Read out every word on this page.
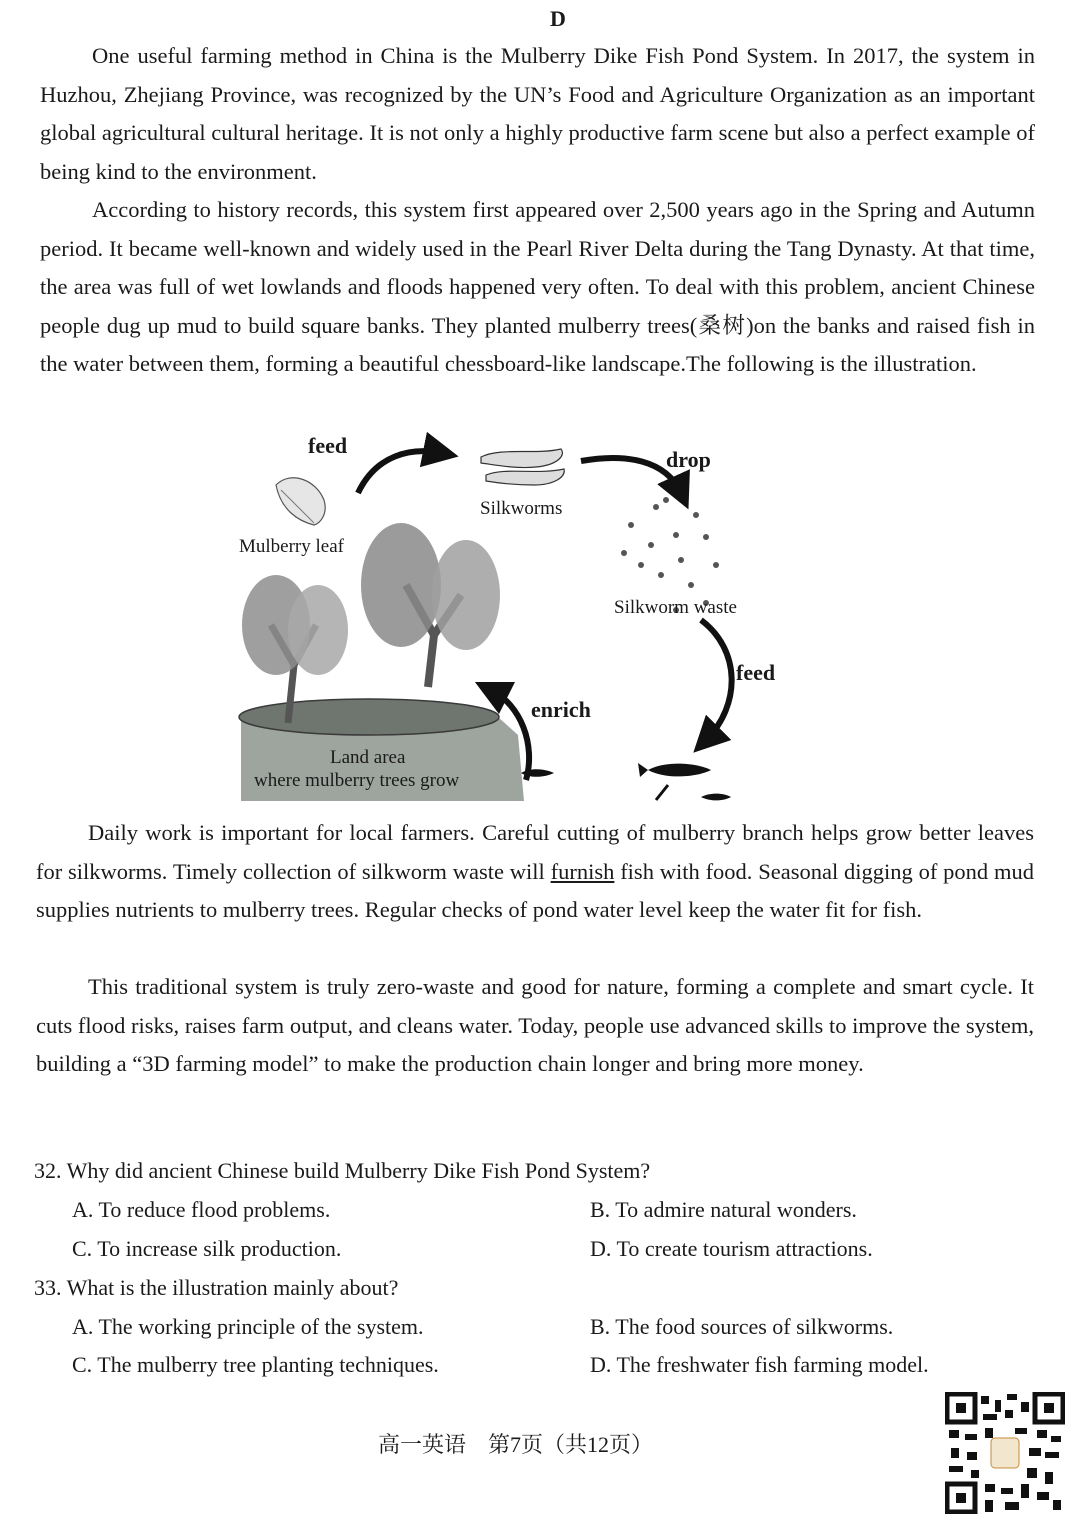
D

One useful farming method in China is the Mulberry Dike Fish Pond System. In 2017, the system in Huzhou, Zhejiang Province, was recognized by the UN’s Food and Agriculture Organization as an important global agricultural cultural heritage. It is not only a highly productive farm scene but also a perfect example of being kind to the environment.

According to history records, this system first appeared over 2,500 years ago in the Spring and Autumn period. It became well-known and widely used in the Pearl River Delta during the Tang Dynasty. At that time, the area was full of wet lowlands and floods happened very often. To deal with this problem, ancient Chinese people dug up mud to build square banks. They planted mulberry trees(桑树)on the banks and raised fish in the water between them, forming a beautiful chessboard-like landscape.The following is the illustration.

feed
Silkworms
drop
Mulberry leaf
Silkworm waste
feed
enrich
Land area
where mulberry trees grow

Daily work is important for local farmers. Careful cutting of mulberry branch helps grow better leaves for silkworms. Timely collection of silkworm waste will furnish fish with food. Seasonal digging of pond mud supplies nutrients to mulberry trees. Regular checks of pond water level keep the water fit for fish.

This traditional system is truly zero-waste and good for nature, forming a complete and smart cycle. It cuts flood risks, raises farm output, and cleans water. Today, people use advanced skills to improve the system, building a “3D farming model” to make the production chain longer and bring more money.

32. Why did ancient Chinese build Mulberry Dike Fish Pond System?
A. To reduce flood problems.	B. To admire natural wonders.
C. To increase silk production.	D. To create tourism attractions.
33. What is the illustration mainly about?
A. The working principle of the system.	B. The food sources of silkworms.
C. The mulberry tree planting techniques.	D. The freshwater fish farming model.
高一英语　第7页（共12页）
